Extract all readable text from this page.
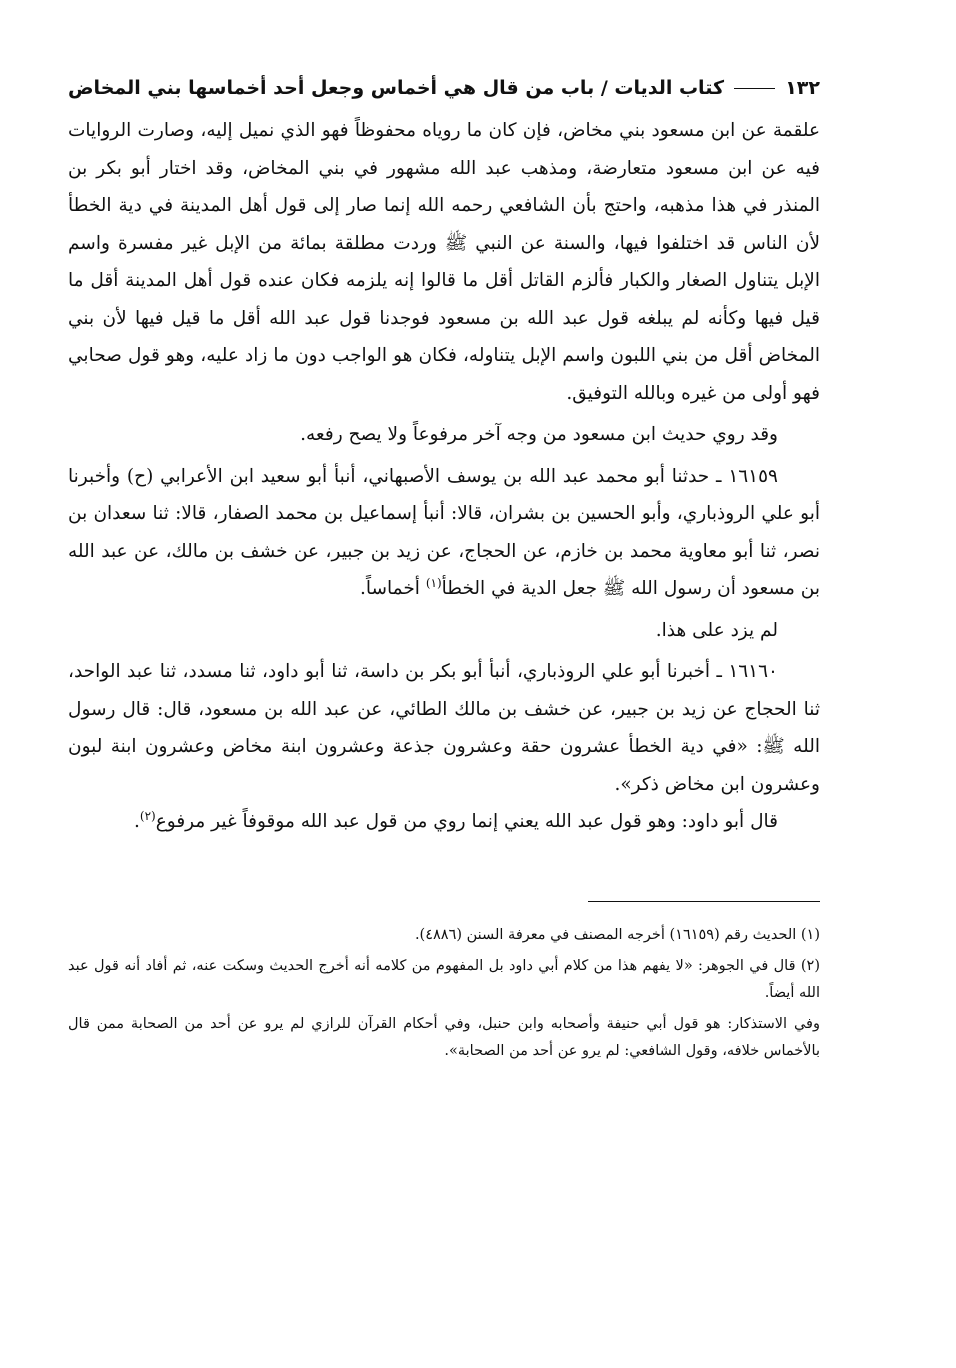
١٣٢
كتاب الديات / باب من قال هي أخماس وجعل أحد أخماسها بني المخاض

علقمة عن ابن مسعود بني مخاض، فإن كان ما روياه محفوظاً فهو الذي نميل إليه، وصارت الروايات فيه عن ابن مسعود متعارضة، ومذهب عبد الله مشهور في بني المخاض، وقد اختار أبو بكر بن المنذر في هذا مذهبه، واحتج بأن الشافعي رحمه الله إنما صار إلى قول أهل المدينة في دية الخطأ لأن الناس قد اختلفوا فيها، والسنة عن النبي ﷺ وردت مطلقة بمائة من الإبل غير مفسرة واسم الإبل يتناول الصغار والكبار فألزم القاتل أقل ما قالوا إنه يلزمه فكان عنده قول أهل المدينة أقل ما قيل فيها وكأنه لم يبلغه قول عبد الله بن مسعود فوجدنا قول عبد الله أقل ما قيل فيها لأن بني المخاض أقل من بني اللبون واسم الإبل يتناوله، فكان هو الواجب دون ما زاد عليه، وهو قول صحابي فهو أولى من غيره وبالله التوفيق.

وقد روي حديث ابن مسعود من وجه آخر مرفوعاً ولا يصح رفعه.

١٦١٥٩ ـ حدثنا أبو محمد عبد الله بن يوسف الأصبهاني، أنبأ أبو سعيد ابن الأعرابي (ح) وأخبرنا أبو علي الروذباري، وأبو الحسين بن بشران، قالا: أنبأ إسماعيل بن محمد الصفار، قالا: ثنا سعدان بن نصر، ثنا أبو معاوية محمد بن خازم، عن الحجاج، عن زيد بن جبير، عن خشف بن مالك، عن عبد الله بن مسعود أن رسول الله ﷺ جعل الدية في الخطأ$^{(١)}$ أخماساً.

لم يزد على هذا.

١٦١٦٠ ـ أخبرنا أبو علي الروذباري، أنبأ أبو بكر بن داسة، ثنا أبو داود، ثنا مسدد، ثنا عبد الواحد، ثنا الحجاج عن زيد بن جبير، عن خشف بن مالك الطائي، عن عبد الله بن مسعود، قال: قال رسول الله ﷺ: «في دية الخطأ عشرون حقة وعشرون جذعة وعشرون ابنة مخاض وعشرون ابنة لبون وعشرون ابن مخاض ذكر».

قال أبو داود: وهو قول عبد الله يعني إنما روي من قول عبد الله موقوفاً غير مرفوع$^{(٢)}$.

(١) الحديث رقم (١٦١٥٩) أخرجه المصنف في معرفة السنن (٤٨٨٦).

(٢) قال في الجوهر: «لا يفهم هذا من كلام أبي داود بل المفهوم من كلامه أنه أخرج الحديث وسكت عنه، ثم أفاد أنه قول عبد الله أيضاً.

وفي الاستذكار: هو قول أبي حنيفة وأصحابه وابن حنبل، وفي أحكام القرآن للرازي لم يرو عن أحد من الصحابة ممن قال بالأخماس خلافه، وقول الشافعي: لم يرو عن أحد من الصحابة».
